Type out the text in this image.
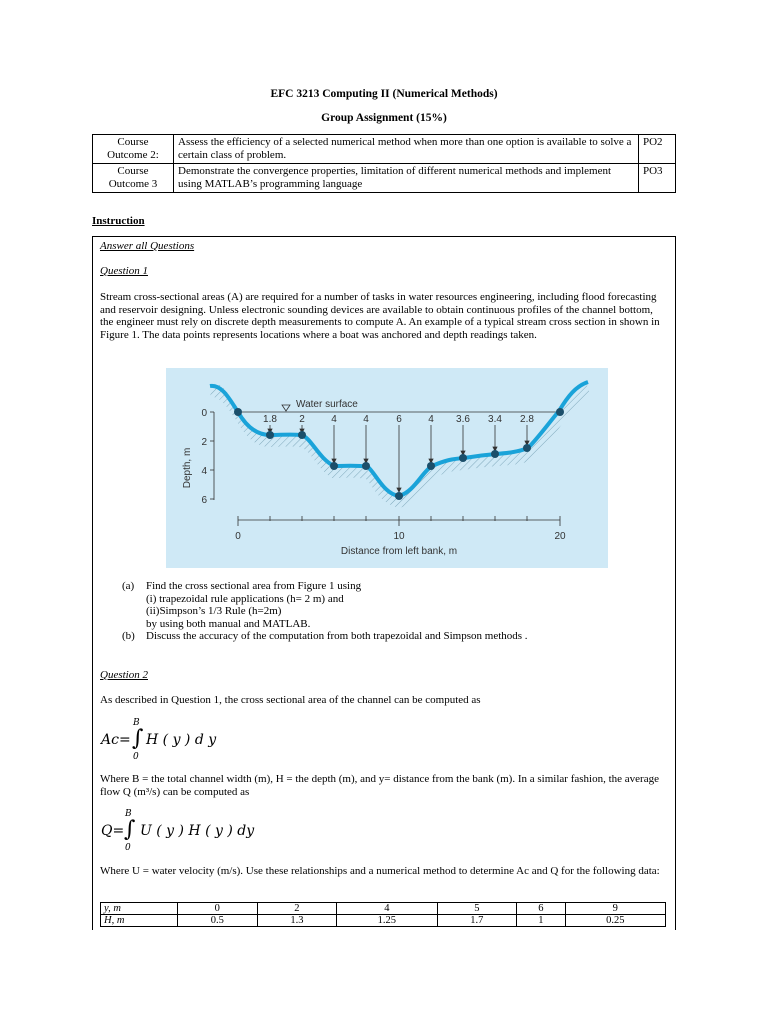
EFC 3213 Computing II (Numerical Methods)
Group Assignment (15%)
Course Outcome 2:	Assess the efficiency of a selected numerical method when more than one option is available to solve a certain class of problem.	PO2
Course Outcome 3	Demonstrate the convergence properties, limitation of different numerical methods and implement using MATLAB’s programming language	PO3
Instruction
Answer all Questions
Question 1
Stream cross-sectional areas (A) are required for a number of tasks in water resources engineering, including flood forecasting and reservoir designing. Unless electronic sounding devices are available to obtain continuous profiles of the channel bottom, the engineer must rely on discrete depth measurements to compute A. An example of a typical stream cross section in shown in Figure 1. The data points represents locations where a boat was anchored and depth readings taken.
Water surface
1.8 2	4	4	6	4 3.6 3.4 2.8
0
2
4
6
Depth, m
0	10	20
Distance from left bank, m
(a) Find the cross sectional area from Figure 1 using
(i) trapezoidal rule applications (h= 2 m) and
(ii)Simpson’s 1/3 Rule (h=2m)
by using both manual and MATLAB.
(b) Discuss the accuracy of the computation from both trapezoidal and Simpson methods .
Question 2
As described in Question 1, the cross sectional area of the channel can be computed as
Ac= ∫
B
0
H ( y ) d y
Where B = the total channel width (m), H = the depth (m), and y= distance from the bank (m). In a similar fashion, the average flow Q (m³/s) can be computed as
Q= ∫
B
0
U ( y ) H ( y ) dy
Where U = water velocity (m/s). Use these relationships and a numerical method to determine Ac and Q for the following data:
y, m	0	2	4	5	6	9
H, m	0.5	1.3	1.25	1.7	1	0.25
